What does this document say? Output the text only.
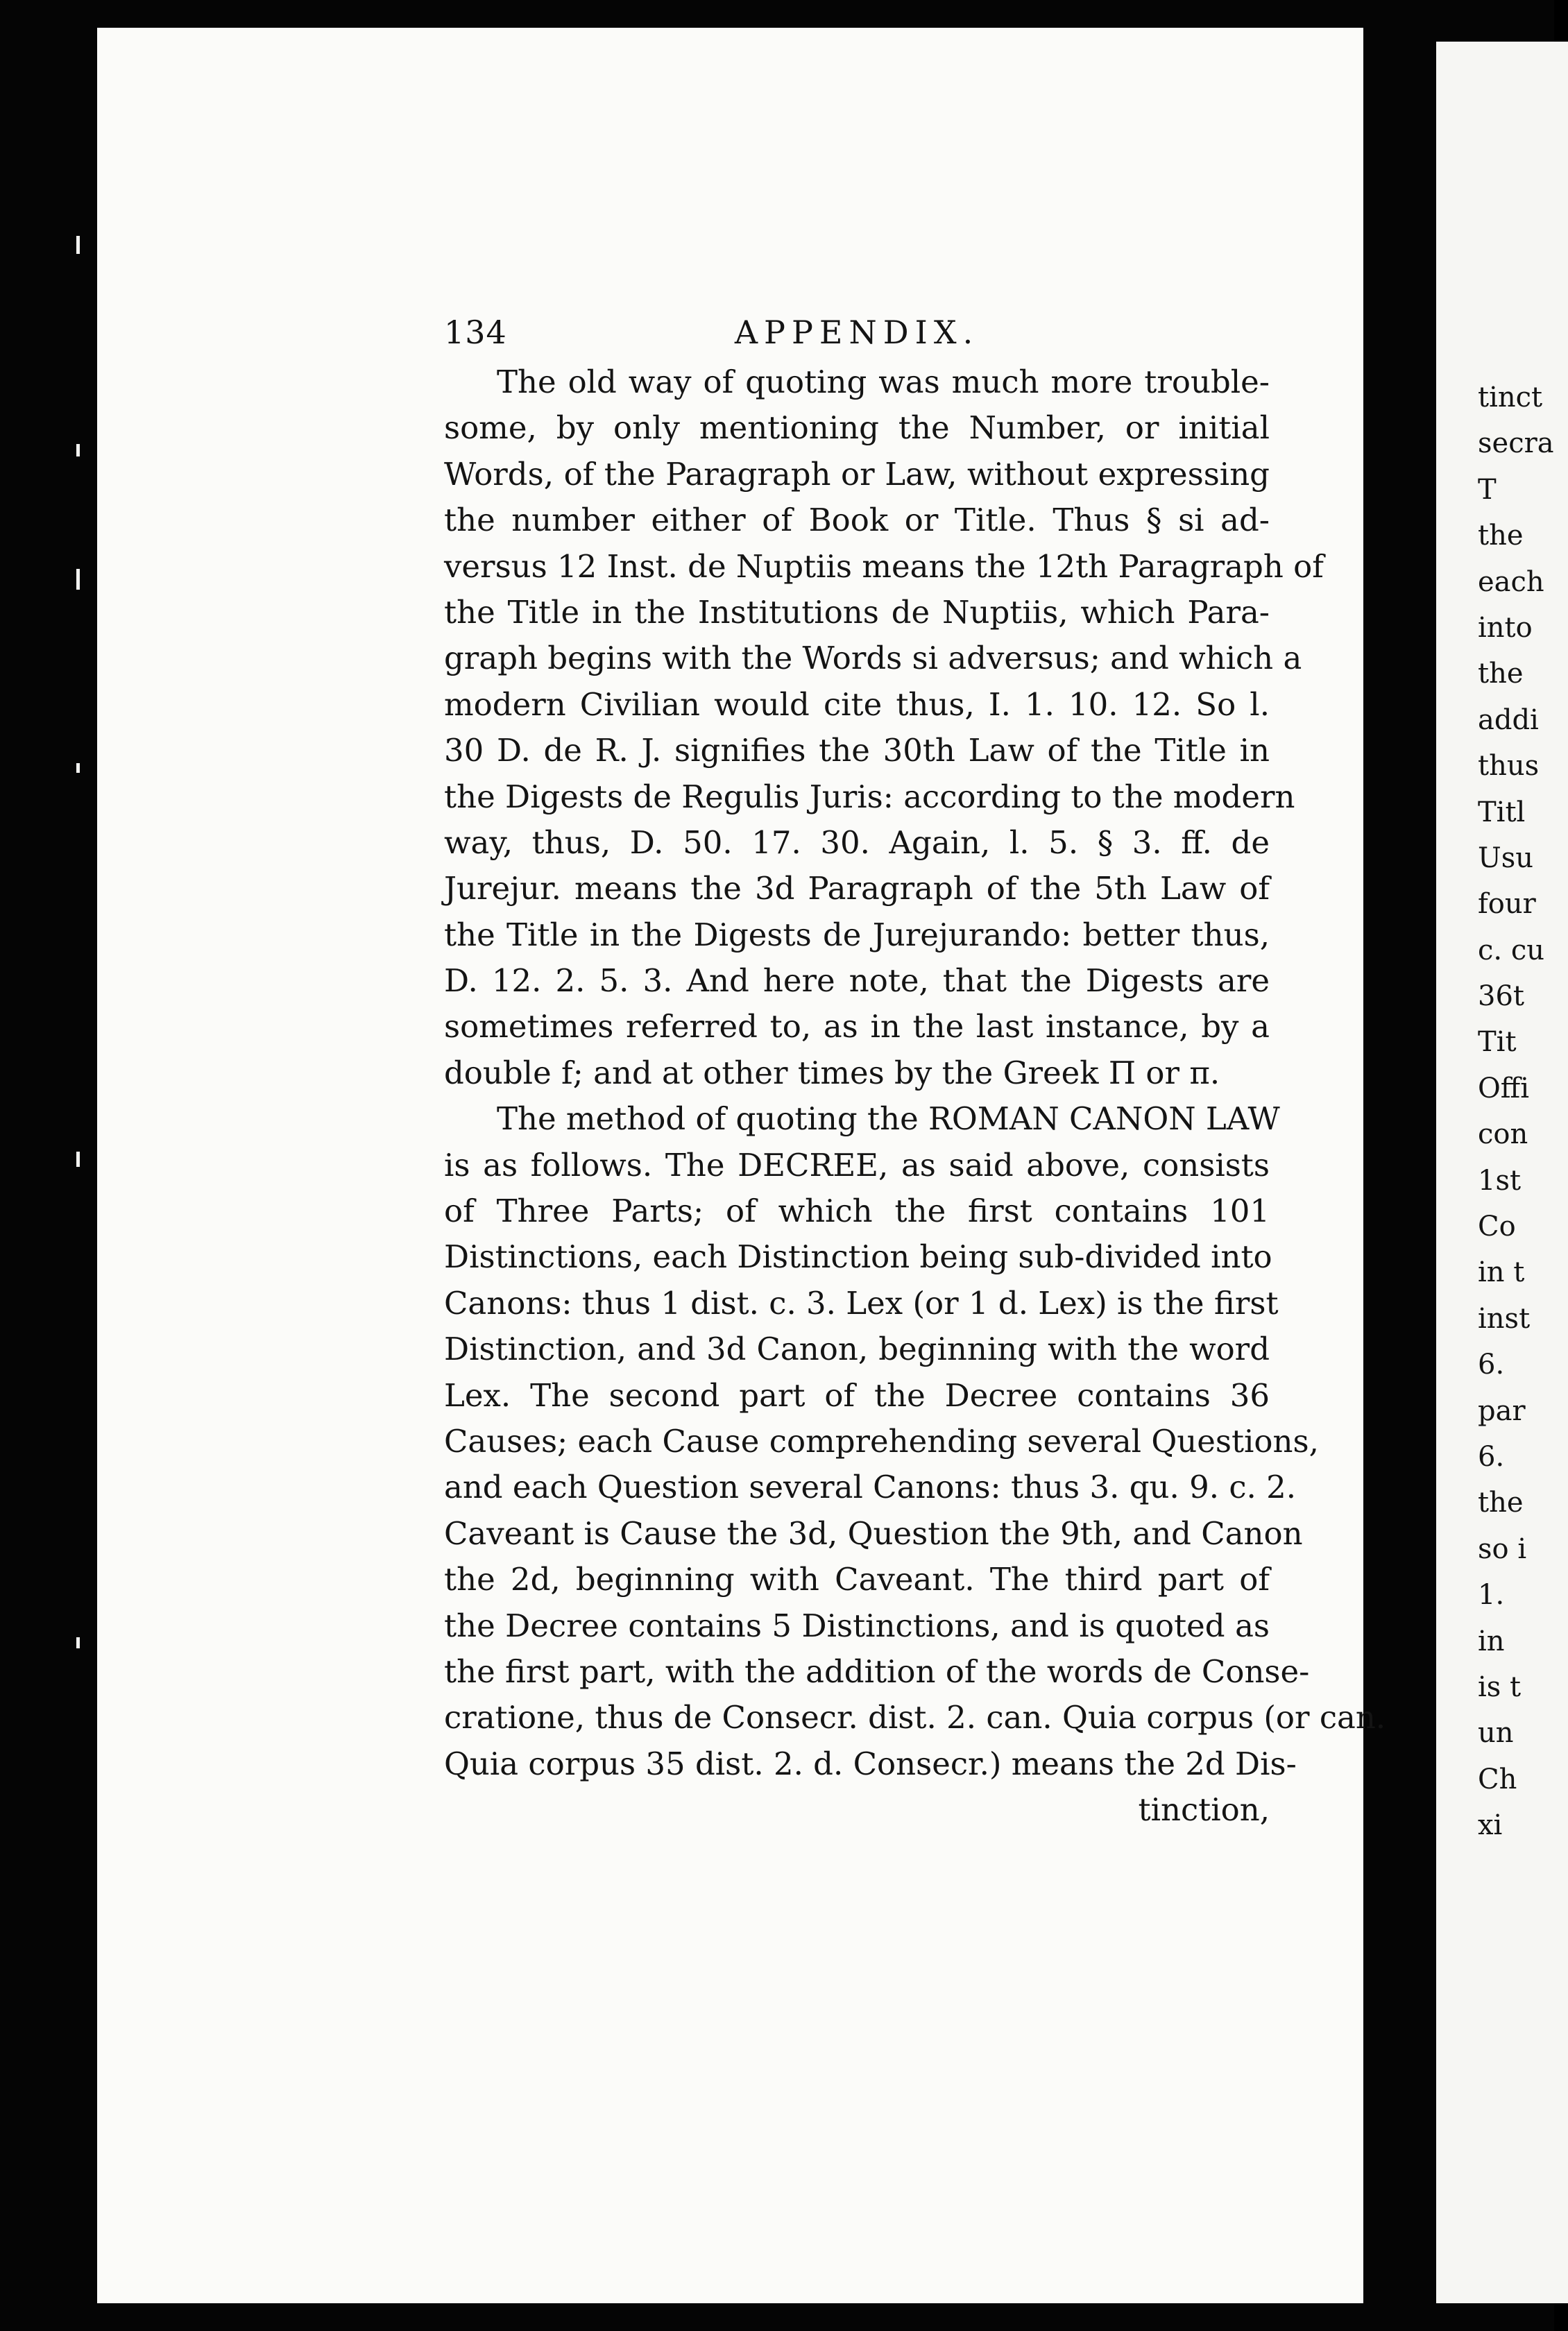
134	APPENDIX.
The old way of quoting was much more trouble-
some, by only mentioning the Number, or initial
Words, of the Paragraph or Law, without expressing
the number either of Book or Title. Thus § si ad-
versus 12 Inst. de Nuptiis means the 12th Paragraph of
the Title in the Institutions de Nuptiis, which Para-
graph begins with the Words si adversus; and which a
modern Civilian would cite thus, I. 1. 10. 12. So l.
30 D. de R. J. signifies the 30th Law of the Title in
the Digests de Regulis Juris: according to the modern
way, thus, D. 50. 17. 30. Again, l. 5. § 3. ff. de
Jurejur. means the 3d Paragraph of the 5th Law of
the Title in the Digests de Jurejurando: better thus,
D. 12. 2. 5. 3. And here note, that the Digests are
sometimes referred to, as in the last instance, by a
double f; and at other times by the Greek Π or π.
The method of quoting the ROMAN CANON LAW
is as follows. The DECREE, as said above, consists
of Three Parts; of which the first contains 101
Distinctions, each Distinction being sub-divided into
Canons: thus 1 dist. c. 3. Lex (or 1 d. Lex) is the first
Distinction, and 3d Canon, beginning with the word
Lex. The second part of the Decree contains 36
Causes; each Cause comprehending several Questions,
and each Question several Canons: thus 3. qu. 9. c. 2.
Caveant is Cause the 3d, Question the 9th, and Canon
the 2d, beginning with Caveant. The third part of
the Decree contains 5 Distinctions, and is quoted as
the first part, with the addition of the words de Conse-
cratione, thus de Consecr. dist. 2. can. Quia corpus (or can.
Quia corpus 35 dist. 2. d. Consecr.) means the 2d Dis-
tinction,
tinct
secra
T
the
each
into
the
addi
thus
Titl
Usu
four
c. cu
36t
Tit
Offi
con
1st
Co
in t
inst
6.
par
6.
the
so i
1.
in
is t
un
Ch
xi
